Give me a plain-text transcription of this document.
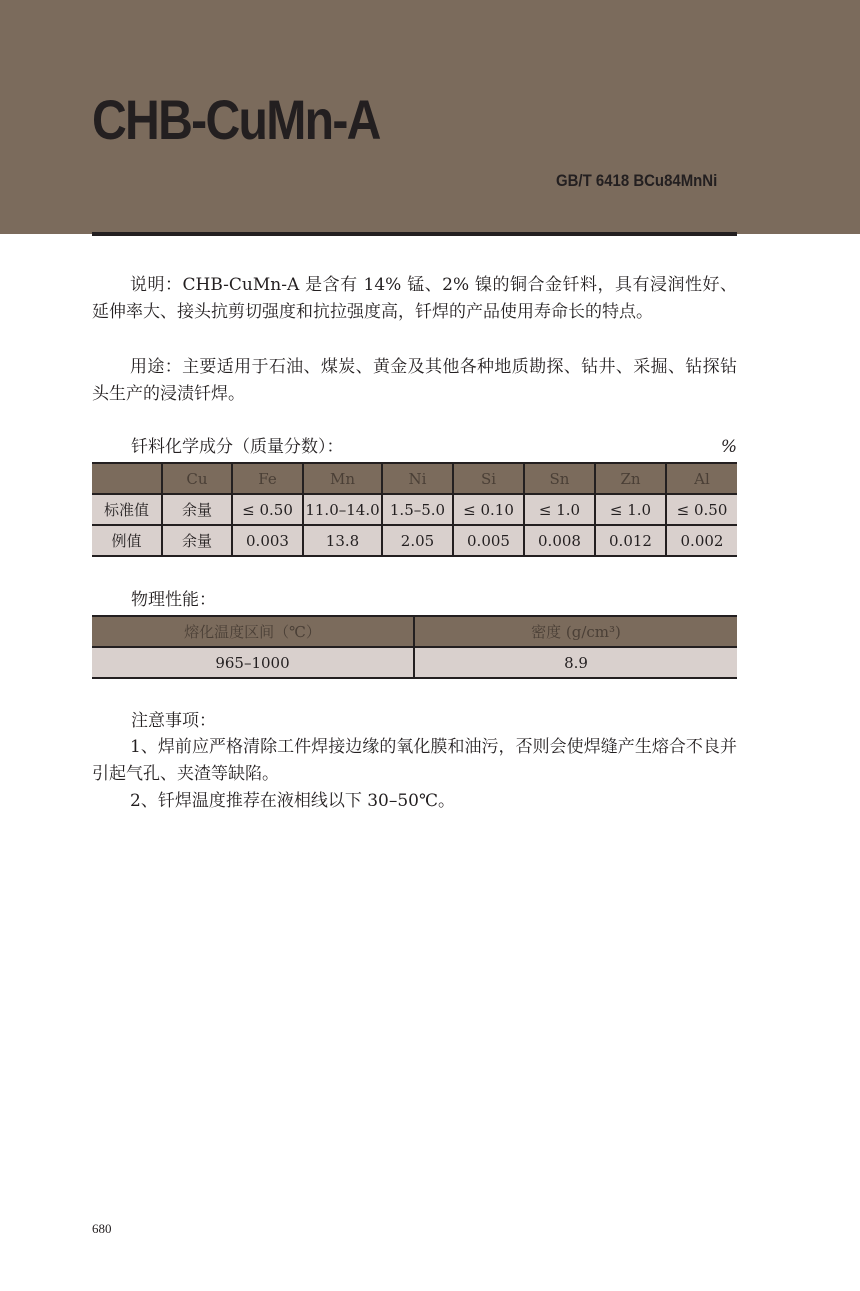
CHB-CuMn-A
GB/T 6418 BCu84MnNi

说明：CHB-CuMn-A 是含有 14% 锰、2% 镍的铜合金钎料，具有浸润性好、延伸率大、接头抗剪切强度和抗拉强度高，钎焊的产品使用寿命长的特点。

用途：主要适用于石油、煤炭、黄金及其他各种地质勘探、钻井、采掘、钻探钻头生产的浸渍钎焊。

钎料化学成分（质量分数）：	%
	Cu	Fe	Mn	Ni	Si	Sn	Zn	Al
标准值	余量	≤ 0.50	11.0–14.0	1.5–5.0	≤ 0.10	≤ 1.0	≤ 1.0	≤ 0.50
例值	余量	0.003	13.8	2.05	0.005	0.008	0.012	0.002
物理性能：
熔化温度区间（℃）	密度 (g/cm³)
965–1000	8.9
注意事项：

1、焊前应严格清除工件焊接边缘的氧化膜和油污，否则会使焊缝产生熔合不良并引起气孔、夹渣等缺陷。

2、钎焊温度推荐在液相线以下 30–50℃。

680
